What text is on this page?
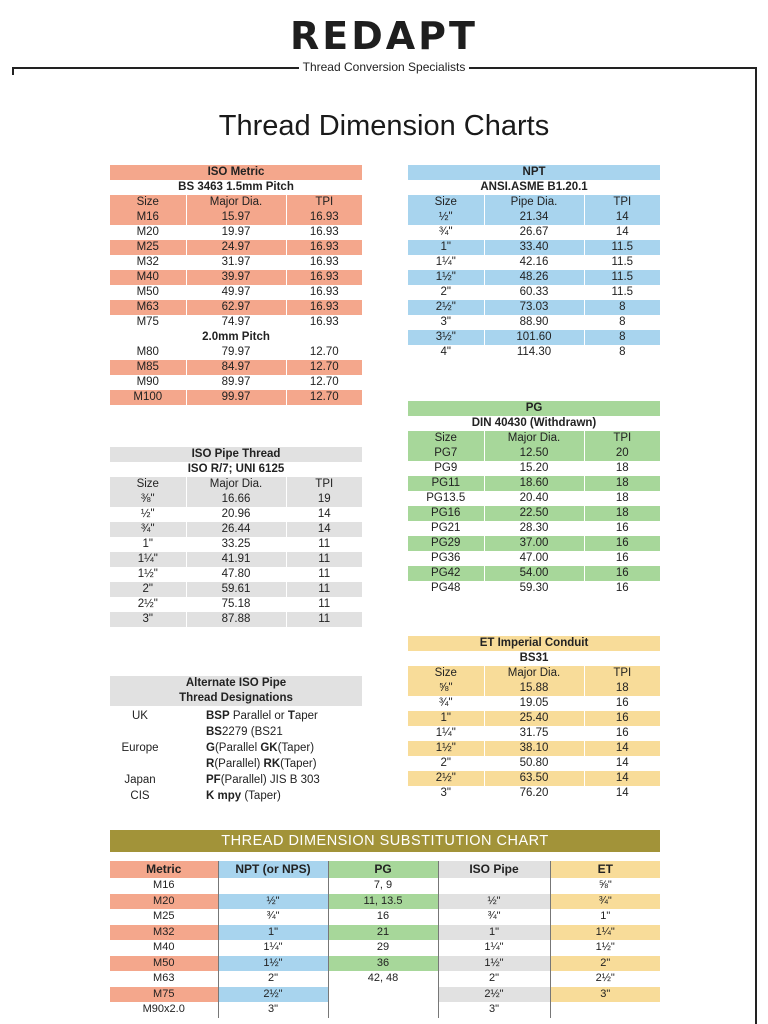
REDAPT
Thread Conversion Specialists
Thread Dimension Charts
ISO Metric		
BS 3463 1.5mm Pitch		
Size	Major Dia.	TPI
M16	15.97	16.93
M20	19.97	16.93
M25	24.97	16.93
M32	31.97	16.93
M40	39.97	16.93
M50	49.97	16.93
M63	62.97	16.93
M75	74.97	16.93
2.0mm Pitch		
M80	79.97	12.70
M85	84.97	12.70
M90	89.97	12.70
M100	99.97	12.70
NPT		
ANSI.ASME B1.20.1		
Size	Pipe Dia.	TPI
½"	21.34	14
¾"	26.67	14
1"	33.40	11.5
1¼"	42.16	11.5
1½"	48.26	11.5
2"	60.33	11.5
2½"	73.03	8
3"	88.90	8
3½"	101.60	8
4"	114.30	8
PG		
DIN 40430 (Withdrawn)		
Size	Major Dia.	TPI
PG7	12.50	20
PG9	15.20	18
PG11	18.60	18
PG13.5	20.40	18
PG16	22.50	18
PG21	28.30	16
PG29	37.00	16
PG36	47.00	16
PG42	54.00	16
PG48	59.30	16
ISO Pipe Thread		
ISO R/7; UNI 6125		
Size	Major Dia.	TPI
⅜"	16.66	19
½"	20.96	14
¾"	26.44	14
1"	33.25	11
1¼"	41.91	11
1½"	47.80	11
2"	59.61	11
2½"	75.18	11
3"	87.88	11
ET Imperial Conduit		
BS31		
Size	Major Dia.	TPI
⅝"	15.88	18
¾"	19.05	16
1"	25.40	16
1¼"	31.75	16
1½"	38.10	14
2"	50.80	14
2½"	63.50	14
3"	76.20	14
Alternate ISO Pipe
Thread Designations
UK	BSP Parallel or Taper
BS2279 (BS21
Europe	G(Parallel GK(Taper)
R(Parallel) RK(Taper)
Japan	PF(Parallel) JIS B 303
CIS	K mpy (Taper)
THREAD DIMENSION SUBSTITUTION CHART
Metric	NPT (or NPS)	PG	ISO Pipe	ET
M16		7, 9		⅝"
M20	½"	11, 13.5	½"	¾"
M25	¾"	16	¾"	1"
M32	1"	21	1"	1¼"
M40	1¼"	29	1¼"	1½"
M50	1½"	36	1½"	2"
M63	2"	42, 48	2"	2½"
M75	2½"		2½"	3"
M90x2.0	3"		3"	
